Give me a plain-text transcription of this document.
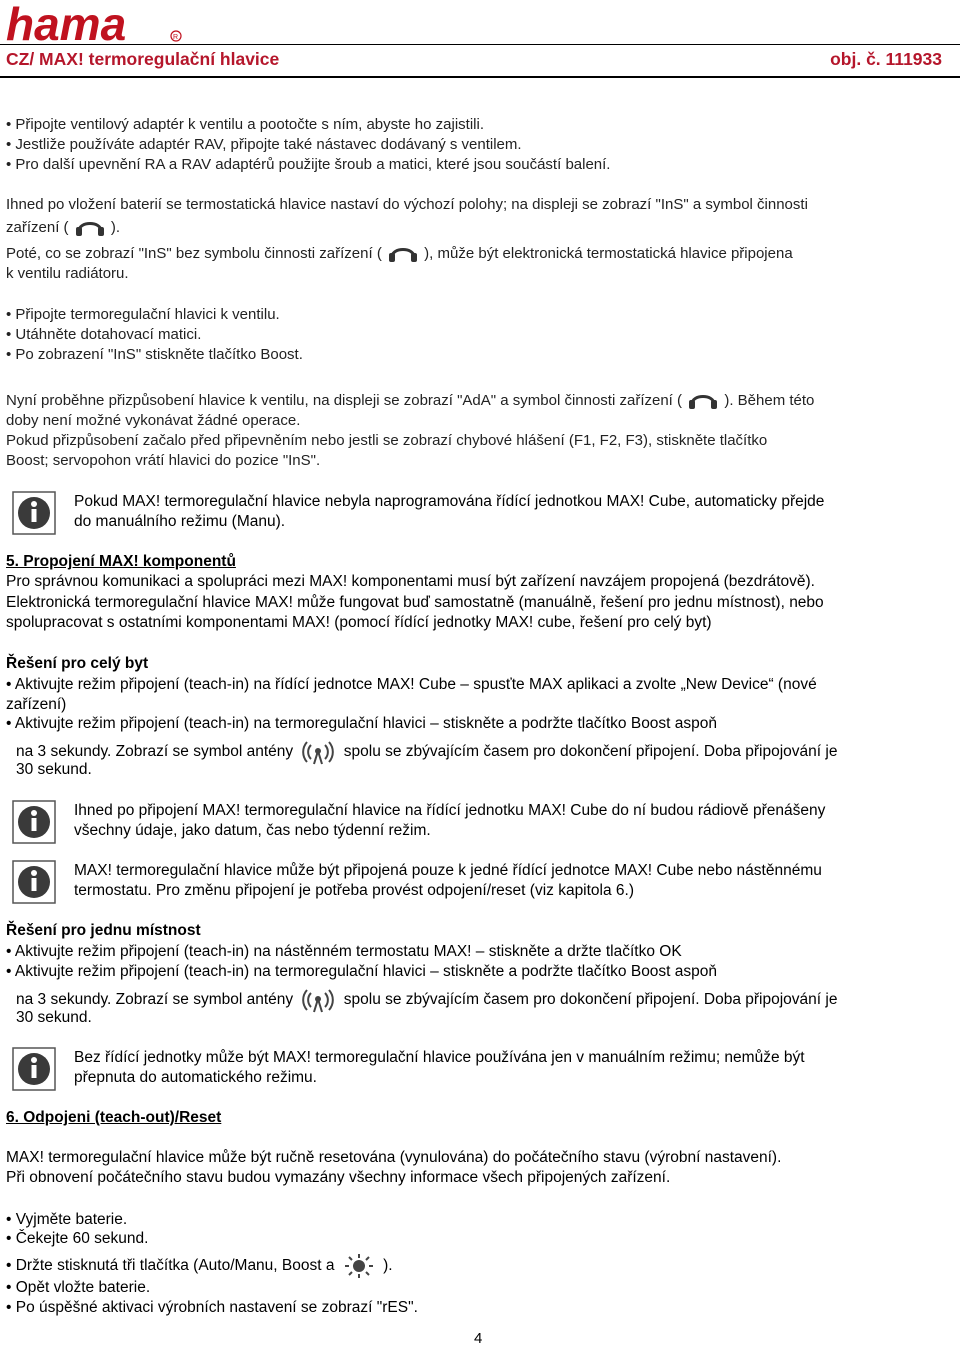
hama	R
CZ/ MAX! termoregulační hlavice	obj. č. 111933
• Připojte ventilový adaptér k ventilu a pootočte s ním, abyste ho zajistili.
• Jestliže používáte adaptér RAV, připojte také nástavec dodávaný s ventilem.
• Pro další upevnění RA a RAV adaptérů použijte šroub a matici, které jsou součástí balení.
Ihned po vložení baterií se termostatická hlavice nastaví do výchozí polohy; na displeji se zobrazí "InS" a symbol činnosti
zařízení (	).
Poté, co se zobrazí "InS" bez symbolu činnosti zařízení (	), může být elektronická termostatická hlavice připojena
k ventilu radiátoru.
• Připojte termoregulační hlavici k ventilu.
• Utáhněte dotahovací matici.
• Po zobrazení "InS" stiskněte tlačítko Boost.
Nyní proběhne přizpůsobení hlavice k ventilu, na displeji se zobrazí "AdA" a symbol činnosti zařízení (	). Během této
doby není možné vykonávat žádné operace.
Pokud přizpůsobení začalo před připevněním nebo jestli se zobrazí chybové hlášení (F1, F2, F3), stiskněte tlačítko
Boost; servopohon vrátí hlavici do pozice "InS".
Pokud MAX! termoregulační hlavice nebyla naprogramována řídící jednotkou MAX! Cube, automaticky přejde
do manuálního režimu (Manu).
5. Propojení MAX! komponentů
Pro správnou komunikaci a spolupráci mezi MAX! komponentami musí být zařízení navzájem propojená (bezdrátově).
Elektronická termoregulační hlavice MAX! může fungovat buď samostatně (manuálně, řešení pro jednu místnost), nebo
spolupracovat s ostatními komponentami MAX! (pomocí řídící jednotky MAX! cube, řešení pro celý byt)
Řešení pro celý byt
• Aktivujte režim připojení (teach-in) na řídící jednotce MAX! Cube – spusťte MAX aplikaci a zvolte „New Device“ (nové
zařízení)
• Aktivujte režim připojení (teach-in) na termoregulační hlavici – stiskněte a podržte tlačítko Boost aspoň
na 3 sekundy. Zobrazí se symbol antény	spolu se zbývajícím časem pro dokončení připojení. Doba připojování je
30 sekund.
Ihned po připojení MAX! termoregulační hlavice na řídící jednotku MAX! Cube do ní budou rádiově přenášeny
všechny údaje, jako datum, čas nebo týdenní režim.
MAX! termoregulační hlavice může být připojená pouze k jedné řídící jednotce MAX! Cube nebo nástěnnému
termostatu. Pro změnu připojení je potřeba provést odpojení/reset (viz kapitola 6.)
Řešení pro jednu místnost
• Aktivujte režim připojení (teach-in) na nástěnném termostatu MAX! – stiskněte a držte tlačítko OK
• Aktivujte režim připojení (teach-in) na termoregulační hlavici – stiskněte a podržte tlačítko Boost aspoň
na 3 sekundy. Zobrazí se symbol antény	spolu se zbývajícím časem pro dokončení připojení. Doba připojování je
30 sekund.
Bez řídící jednotky může být MAX! termoregulační hlavice používána jen v manuálním režimu; nemůže být
přepnuta do automatického režimu.
6. Odpojeni (teach-out)/Reset
MAX! termoregulační hlavice může být ručně resetována (vynulována) do počátečního stavu (výrobní nastavení).
Při obnovení počátečního stavu budou vymazány všechny informace všech připojených zařízení.
• Vyjměte baterie.
• Čekejte 60 sekund.
• Držte stisknutá tři tlačítka (Auto/Manu, Boost a	).
• Opět vložte baterie.
• Po úspěšné aktivaci výrobních nastavení se zobrazí "rES".
4
